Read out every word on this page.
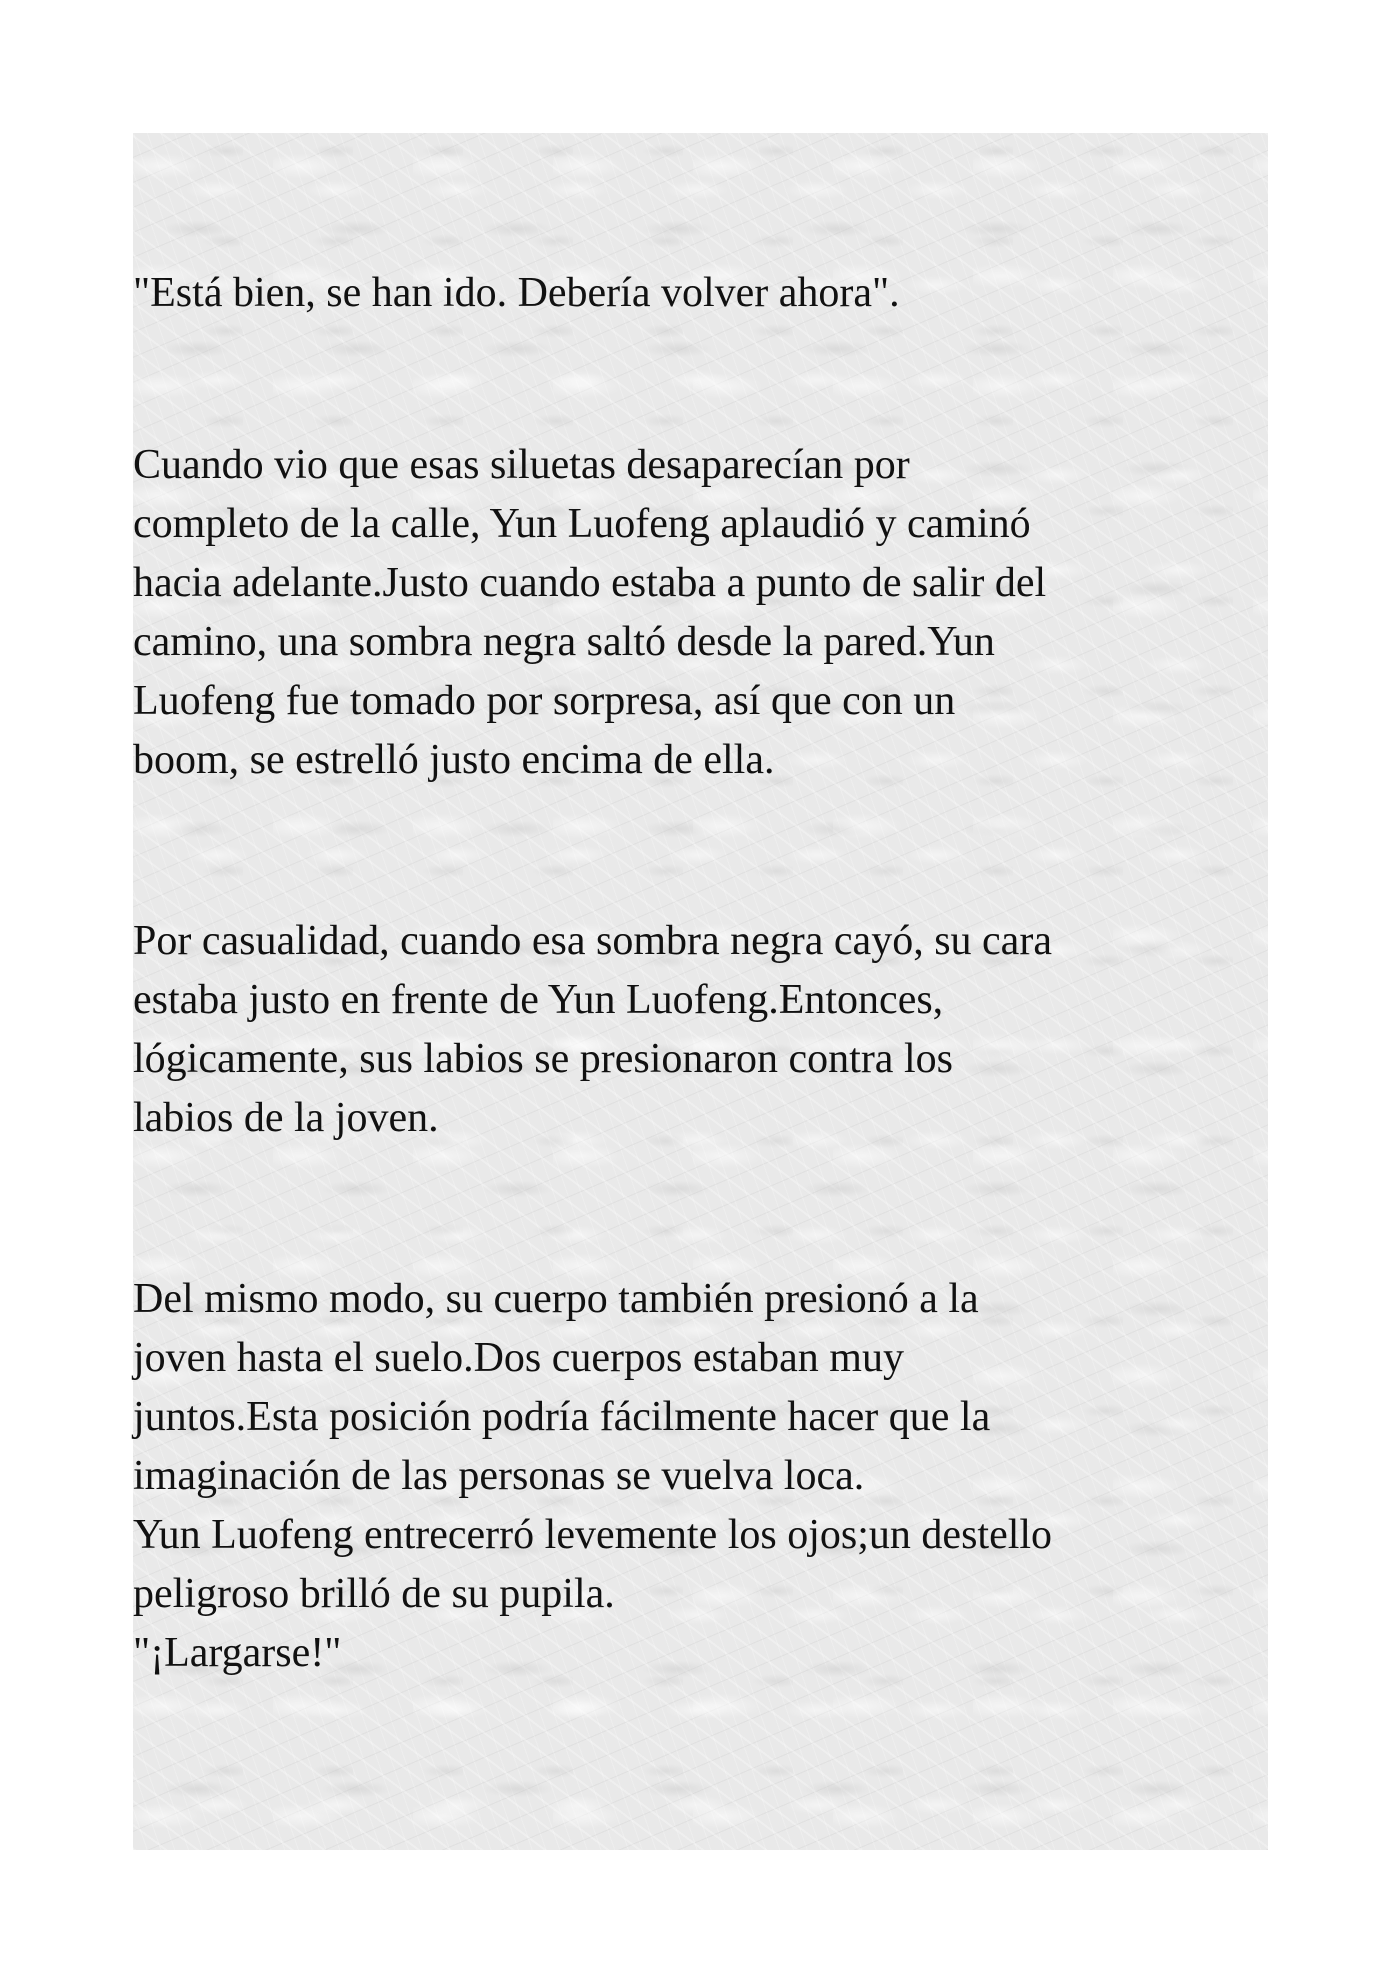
"Está bien, se han ido. Debería volver ahora".
Cuando vio que esas siluetas desaparecían por
completo de la calle, Yun Luofeng aplaudió y caminó
hacia adelante.Justo cuando estaba a punto de salir del
camino, una sombra negra saltó desde la pared.Yun
Luofeng fue tomado por sorpresa, así que con un
boom, se estrelló justo encima de ella.
Por casualidad, cuando esa sombra negra cayó, su cara
estaba justo en frente de Yun Luofeng.Entonces,
lógicamente, sus labios se presionaron contra los
labios de la joven.
Del mismo modo, su cuerpo también presionó a la
joven hasta el suelo.Dos cuerpos estaban muy
juntos.Esta posición podría fácilmente hacer que la
imaginación de las personas se vuelva loca.
Yun Luofeng entrecerró levemente los ojos;un destello
peligroso brilló de su pupila.
"¡Largarse!"
